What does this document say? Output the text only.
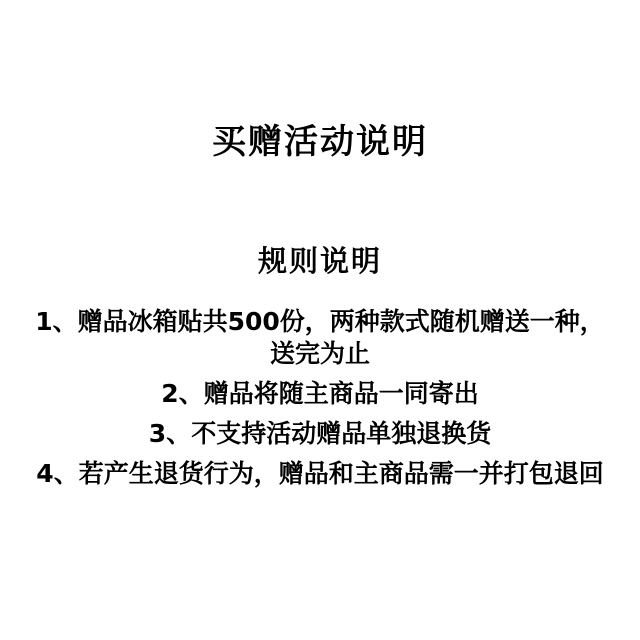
买赠活动说明
规则说明
1、赠品冰箱贴共500份，两种款式随机赠送一种，
送完为止
2、赠品将随主商品一同寄出
3、不支持活动赠品单独退换货
4、若产生退货行为，赠品和主商品需一并打包退回
